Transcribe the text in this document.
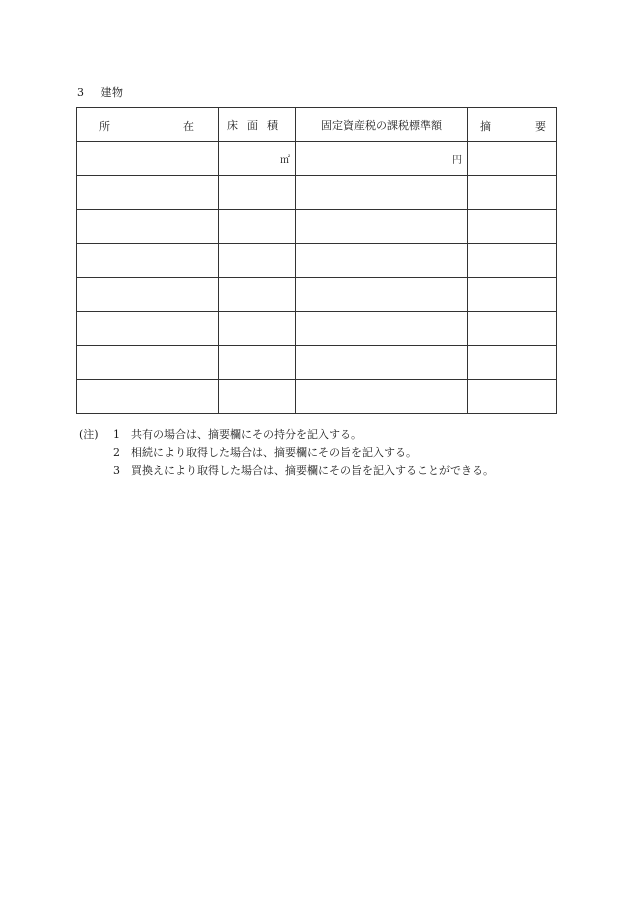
3 建物
所 在	床面積	固定資産税の課税標準額	摘 要

	㎡	円	

(注)	1	共有の場合は、摘要欄にその持分を記入する。
2	相続により取得した場合は、摘要欄にその旨を記入する。
3	買換えにより取得した場合は、摘要欄にその旨を記入することができる。
